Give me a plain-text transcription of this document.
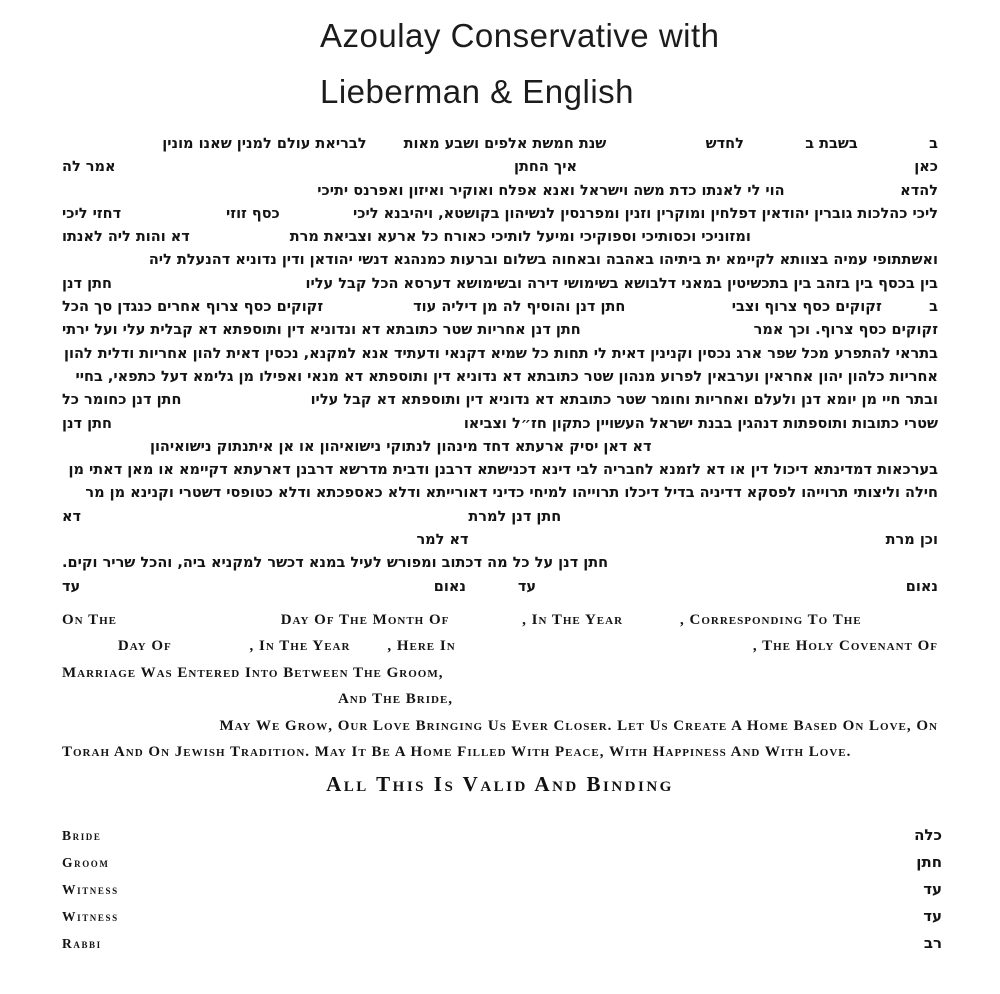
Azoulay Conservative with
Lieberman & English
ב
בשבת ב
לחדש
שנת חמשת אלפים ושבע מאות
לבריאת עולם למנין שאנו מונין
כאן
איך החתן
אמר לה
להדא
הוי לי לאנתו כדת משה וישראל ואנא אפלח ואוקיר ואיזון ואפרנס יתיכי
ליכי כהלכות גוברין יהודאין דפלחין ומוקרין וזנין ומפרנסין לנשיהון בקושטא, ויהיבנא ליכי
כסף זוזי
דחזי ליכי
ומזוניכי וכסותיכי וספוקיכי ומיעל לותיכי כאורח כל ארעא וצביאת מרת
דא והות ליה לאנתו
ואשתתופי עמיה בצוותא לקיימא ית ביתיהו באהבה ובאחוה בשלום וברעות כמנהגא דנשי יהודאן ודין נדוניא דהנעלת ליה
בין בכסף בין בזהב בין בתכשיטין במאני דלבושא בשימושי דירה ובשימושא דערסא הכל קבל עליו
חתן דנן
ב
זקוקים כסף צרוף וצבי
חתן דנן והוסיף לה מן דיליה עוד
זקוקים כסף צרוף אחרים כנגדן סך הכל
זקוקים כסף צרוף. וכך אמר
חתן דנן אחריות שטר כתובתא דא ונדוניא דין ותוספתא דא קבלית עלי ועל ירתי
בתראי להתפרע מכל שפר ארג נכסין וקנינין דאית לי תחות כל שמיא דקנאי ודעתיד אנא למקנא, נכסין דאית להון אחריות ודלית להון
אחריות כלהון יהון אחראין וערבאין לפרוע מנהון שטר כתובתא דא נדוניא דין ותוספתא דא מנאי ואפילו מן גלימא דעל כתפאי, בחיי
ובתר חיי מן יומא דנן ולעלם ואחריות וחומר שטר כתובתא דא נדוניא דין ותוספתא דא קבל עליו
חתן דנן כחומר כל
שטרי כתובות ותוספתות דנהגין בבנת ישראל העשויין כתקון חז״ל וצביאו
חתן דנן
דא דאן יסיק ארעתא דחד מינהון לנתוקי נישואיהון או אן איתנתוק נישואיהון
בערכאות דמדינתא דיכול דין או דא לזמנא לחבריה לבי דינא דכנישתא דרבנן ודבית מדרשא דרבנן דארעתא דקיימא או מאן דאתי מן
חילה וליצותי תרוייהו לפסקא דדיניה בדיל דיכלו תרוייהו למיחי כדיני דאורייתא ודלא כאספכתא ודלא כטופסי דשטרי וקנינא מן מר
חתן דנן למרת
דא
וכן מרת
דא למר
חתן דנן על כל מה דכתוב ומפורש לעיל במנא דכשר למקניא ביה, והכל שריר וקים.
נאום
עד
נאום
עד
On The	Day Of The Month Of	, In The Year	, Corresponding To The
Day Of	, In The Year , Here In	, The Holy Covenant Of
Marriage Was Entered Into Between The Groom,
And The Bride,
May We Grow, Our Love Bringing Us Ever Closer. Let Us Create A Home Based On Love, On
Torah And On Jewish Tradition. May It Be A Home Filled With Peace, With Happiness And With Love.
All This Is Valid And Binding
Bride	כלה
Groom	חתן
Witness	עד
Witness	עד
Rabbi	רב
